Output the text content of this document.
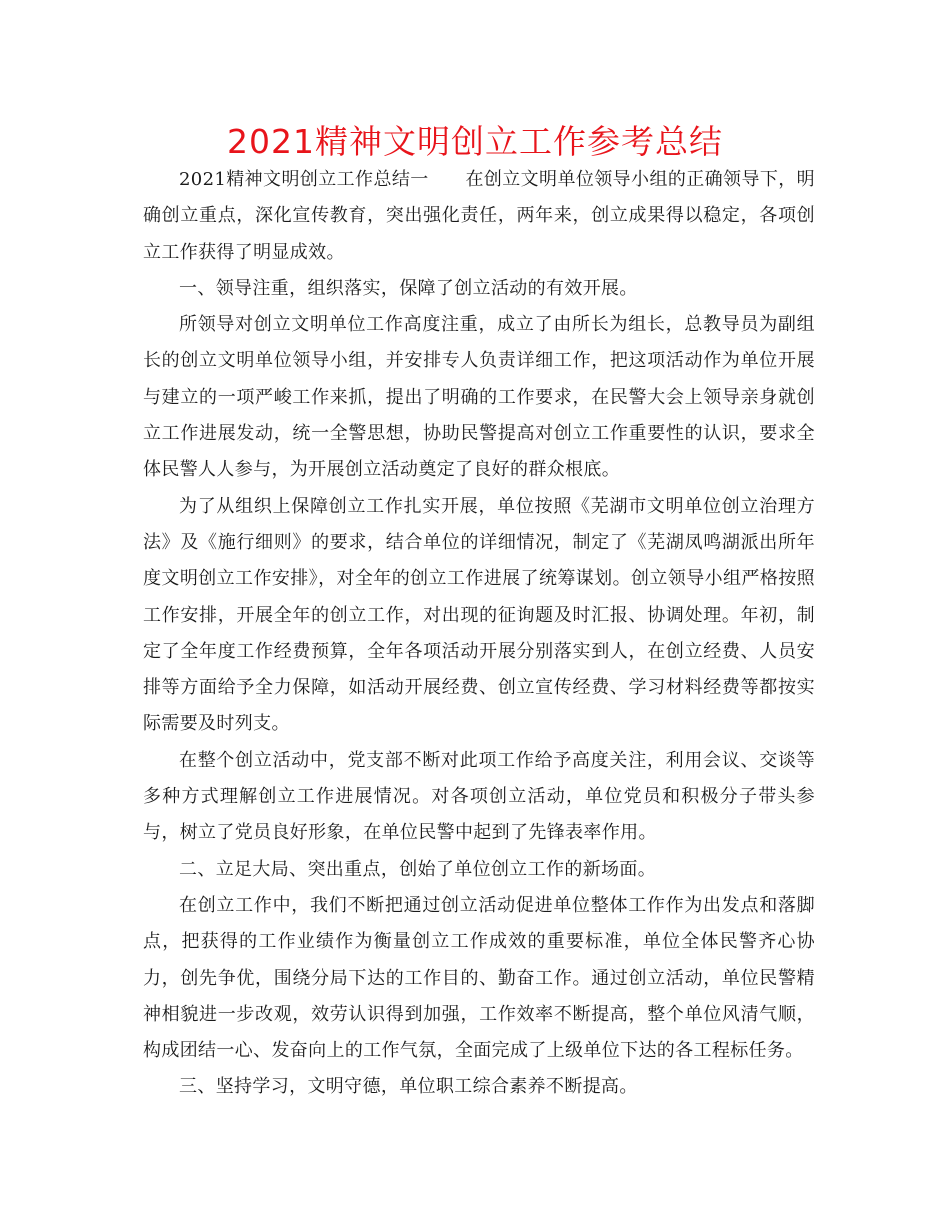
2021精神文明创立工作参考总结

2021精神文明创立工作总结一　　在创立文明单位领导小组的正确领导下，明确创立重点，深化宣传教育，突出强化责任，两年来，创立成果得以稳定，各项创立工作获得了明显成效。

一、领导注重，组织落实，保障了创立活动的有效开展。

所领导对创立文明单位工作高度注重，成立了由所长为组长，总教导员为副组长的创立文明单位领导小组，并安排专人负责详细工作，把这项活动作为单位开展与建立的一项严峻工作来抓，提出了明确的工作要求，在民警大会上领导亲身就创立工作进展发动，统一全警思想，协助民警提高对创立工作重要性的认识，要求全体民警人人参与，为开展创立活动奠定了良好的群众根底。

为了从组织上保障创立工作扎实开展，单位按照《芜湖市文明单位创立治理方法》及《施行细则》的要求，结合单位的详细情况，制定了《芜湖凤鸣湖派出所年度文明创立工作安排》，对全年的创立工作进展了统筹谋划。创立领导小组严格按照工作安排，开展全年的创立工作，对出现的征询题及时汇报、协调处理。年初，制定了全年度工作经费预算，全年各项活动开展分别落实到人，在创立经费、人员安排等方面给予全力保障，如活动开展经费、创立宣传经费、学习材料经费等都按实际需要及时列支。

在整个创立活动中，党支部不断对此项工作给予高度关注，利用会议、交谈等多种方式理解创立工作进展情况。对各项创立活动，单位党员和积极分子带头参与，树立了党员良好形象，在单位民警中起到了先锋表率作用。

二、立足大局、突出重点，创始了单位创立工作的新场面。

在创立工作中，我们不断把通过创立活动促进单位整体工作作为出发点和落脚点，把获得的工作业绩作为衡量创立工作成效的重要标准，单位全体民警齐心协力，创先争优，围绕分局下达的工作目的、勤奋工作。通过创立活动，单位民警精神相貌进一步改观，效劳认识得到加强，工作效率不断提高，整个单位风清气顺，构成团结一心、发奋向上的工作气氛，全面完成了上级单位下达的各工程标任务。

三、坚持学习，文明守德，单位职工综合素养不断提高。
